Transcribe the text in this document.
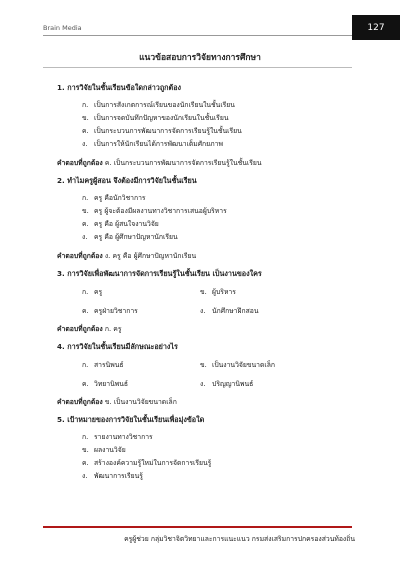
Brain Media	127
แนวข้อสอบการวิจัยทางการศึกษา

1. การวิจัยในชั้นเรียนข้อใดกล่าวถูกต้อง

ก. เป็นการสังเกตการณ์เรียนของนักเรียนในชั้นเรียน
ข. เป็นการจดบันทึกปัญหาของนักเรียนในชั้นเรียน
ค. เป็นกระบวนการพัฒนาการจัดการเรียนรู้ในชั้นเรียน
ง. เป็นการให้นักเรียนได้การพัฒนาเต็มศักยภาพ
คำตอบที่ถูกต้อง ค. เป็นกระบวนการพัฒนาการจัดการเรียนรู้ในชั้นเรียน

2. ทำไมครูผู้สอน จึงต้องมีการวิจัยในชั้นเรียน

ก. ครู คือนักวิชาการ
ข. ครู ผู้จะต้องมีผลงานทางวิชาการเสนอผู้บริหาร
ค. ครู คือ ผู้สนใจงานวิจัย
ง. ครู คือ ผู้ศึกษาปัญหานักเรียน
คำตอบที่ถูกต้อง ง. ครู คือ ผู้ศึกษาปัญหานักเรียน

3. การวิจัยเพื่อพัฒนาการจัดการเรียนรู้ในชั้นเรียน เป็นงานของใคร

ก. ครู	ข. ผู้บริหาร
ค. ครูฝ่ายวิชาการ	ง. นักศึกษาฝึกสอน
คำตอบที่ถูกต้อง ก. ครู

4. การวิจัยในชั้นเรียนมีลักษณะอย่างไร

ก. สารนิพนธ์	ข. เป็นงานวิจัยขนาดเล็ก
ค. วิทยานิพนธ์	ง. ปริญญานิพนธ์
คำตอบที่ถูกต้อง ข. เป็นงานวิจัยขนาดเล็ก

5. เป้าหมายของการวิจัยในชั้นเรียนเพื่อมุ่งข้อใด

ก. รายงานทางวิชาการ
ข. ผลงานวิจัย
ค. สร้างองค์ความรู้ใหม่ในการจัดการเรียนรู้
ง. พัฒนาการเรียนรู้
ครูผู้ช่วย กลุ่มวิชาจิตวิทยาและการแนะแนว กรมส่งเสริมการปกครองส่วนท้องถิ่น
